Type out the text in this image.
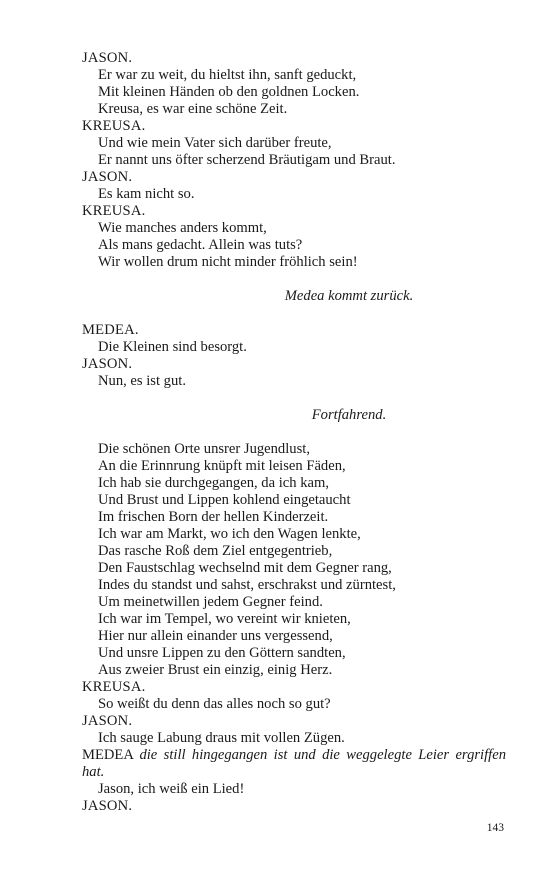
JASON.

Er war zu weit, du hieltst ihn, sanft geduckt,

Mit kleinen Händen ob den goldnen Locken.

Kreusa, es war eine schöne Zeit.

KREUSA.

Und wie mein Vater sich darüber freute,

Er nannt uns öfter scherzend Bräutigam und Braut.

JASON.

Es kam nicht so.

KREUSA.

Wie manches anders kommt,

Als mans gedacht. Allein was tuts?

Wir wollen drum nicht minder fröhlich sein!

Medea kommt zurück.

MEDEA.

Die Kleinen sind besorgt.

JASON.

Nun, es ist gut.

Fortfahrend.

Die schönen Orte unsrer Jugendlust,

An die Erinnrung knüpft mit leisen Fäden,

Ich hab sie durchgegangen, da ich kam,

Und Brust und Lippen kohlend eingetaucht

Im frischen Born der hellen Kinderzeit.

Ich war am Markt, wo ich den Wagen lenkte,

Das rasche Roß dem Ziel entgegentrieb,

Den Faustschlag wechselnd mit dem Gegner rang,

Indes du standst und sahst, erschrakst und zürntest,

Um meinetwillen jedem Gegner feind.

Ich war im Tempel, wo vereint wir knieten,

Hier nur allein einander uns vergessend,

Und unsre Lippen zu den Göttern sandten,

Aus zweier Brust ein einzig, einig Herz.

KREUSA.

So weißt du denn das alles noch so gut?

JASON.

Ich sauge Labung draus mit vollen Zügen.

MEDEA die still hingegangen ist und die weggelegte Leier ergriffen hat.

Jason, ich weiß ein Lied!

JASON.

143
